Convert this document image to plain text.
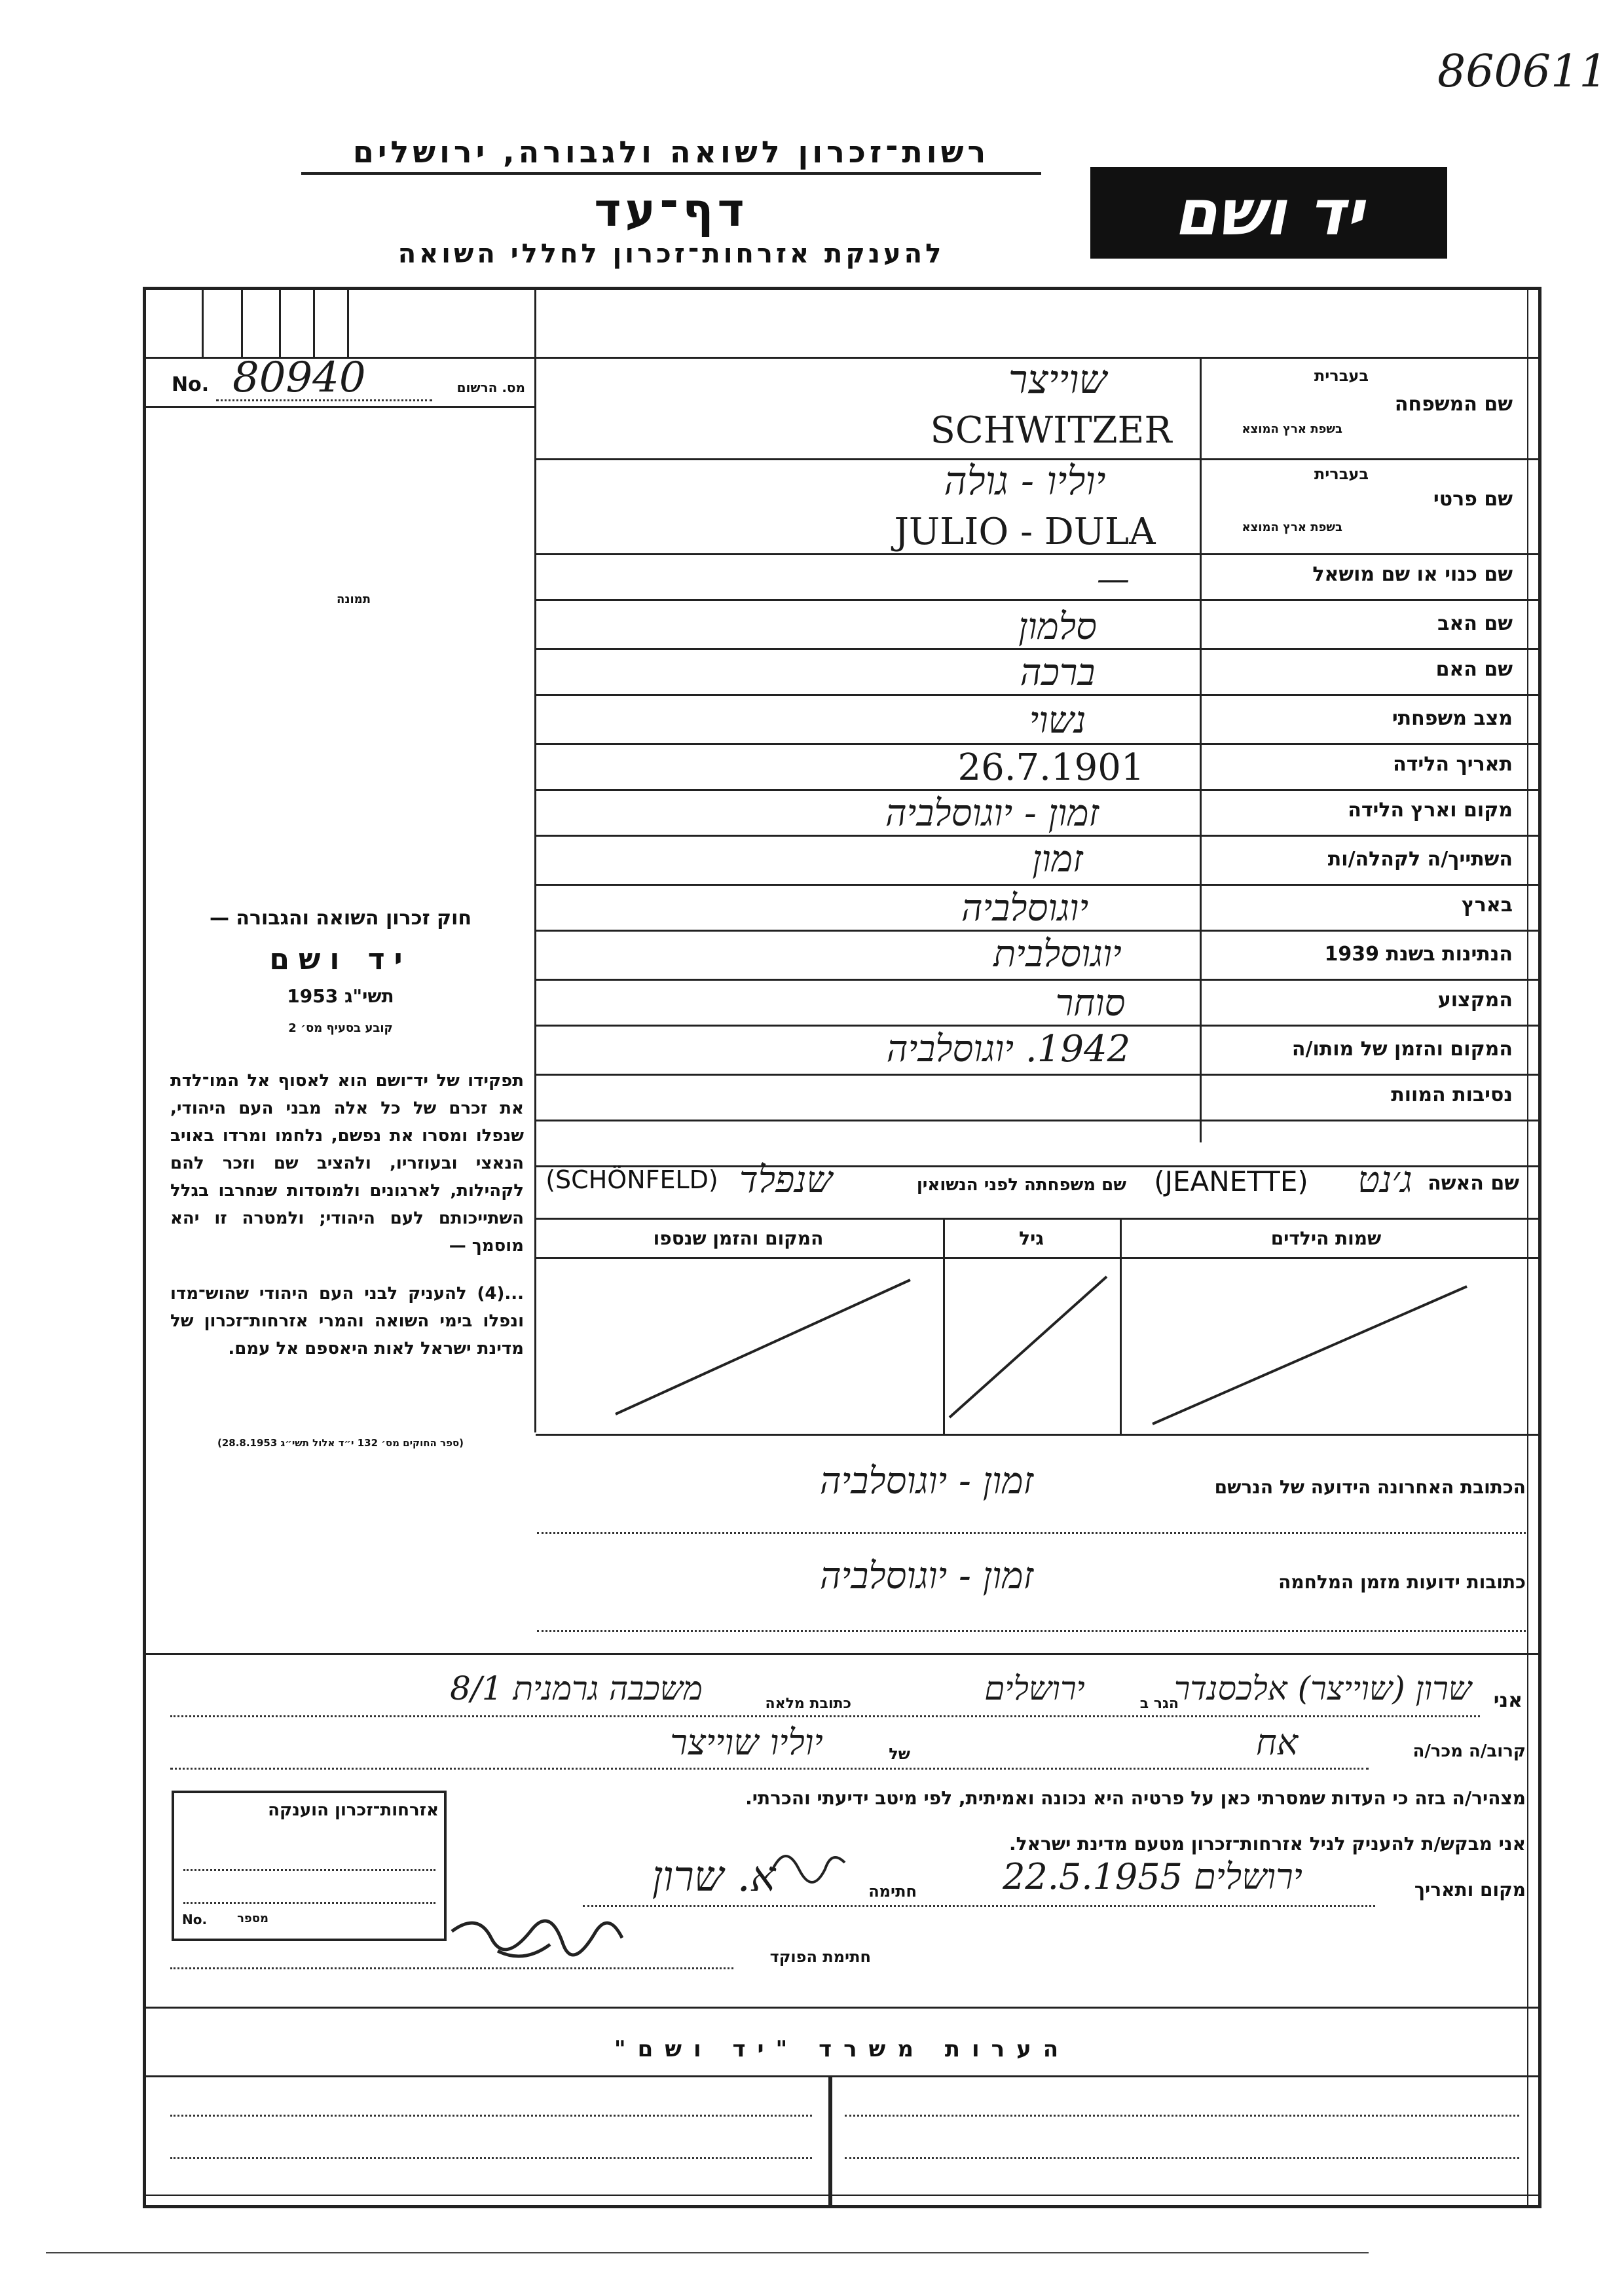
860611
רשות־זכרון לשואה ולגבורה, ירושלים
דף־עד
להענקת אזרחות־זכרון לחללי השואה
יד ושם
No. 80940	מס. הרשום
תמונה
חוק זכרון השואה והגבורה —
יד ושם
תשי"ג 1953
קובע בסעיף מס׳ 2
תפקידו של יד־ושם הוא לאסוף אל המו־לדת את זכרם של כל אלה מבני העם היהודי, שנפלו ומסרו את נפשם, נלחמו ומרדו באויב הנאצי ובעוזריו, ולהציב שם וזכר להם לקהילות, לארגונים ולמוסדות שנחרבו בגלל השתייכותם לעם היהודי; ולמטרה זו יהא מוסמך —
...(4) להעניק לבני העם היהודי שהוש־מדו ונפלו בימי השואה והמרי אזרחות־זכרון של מדינת ישראל לאות היאספם אל עמם.
(ספר החוקים מס׳ 132 י״ד אלול תשי״ג 28.8.1953)
שם המשפחה
בעברית
בשפת ארץ המוצא
שוייצר
SCHWITZER
שם פרטי
בעברית
בשפת ארץ המוצא
יוליו - גולה
JULIO - DULA
שם כנוי או שם מושאל
—
שם האב
סלמון
שם האם
ברכה
מצב משפחתי
נשוי
תאריך הלידה
26.7.1901
מקום וארץ הלידה
זמון - יוגוסלביה
השתייך/ה לקהלה/ות
זמון
בארץ
יוגוסלביה
הנתינות בשנת 1939
יוגוסלבית
המקצוע
סוחר
המקום והזמן של מותו/ה
1942. יוגוסלביה
נסיבות המוות
שם האשה
ג׳נט
(JEANETTE)
שם משפחתה לפני הנשואין
שנפלד
(SCHÖNFELD)
שמות הילדים
גיל
המקום והזמן שנספו
הכתובת האחרונה הידועה של הנרשם
זמון - יוגוסלביה
כתובות ידועות מזמן המלחמה
זמון - יוגוסלביה
אני
שרון (שוייצר) אלכסנדר
הגר ב
ירושלים
כתובת מלאה
משכבה גרמנית 8/1
קרוב/ה מכר/ה
אח
של
יוליו שוייצר
מצהיר/ה בזה כי העדות שמסרתי כאן על פרטיה היא נכונה ואמיתית, לפי מיטב ידיעתי והכרתי.
אני מבקש/ת להעניק לניל אזרחות־זכרון מטעם מדינת ישראל.
מקום ותאריך
ירושלים 22.5.1955
חתימה
א. שרון
חתימת הפוקד
אזרחות־זכרון הוענקה
No.	מספר
הערות משרד "יד ושם"
